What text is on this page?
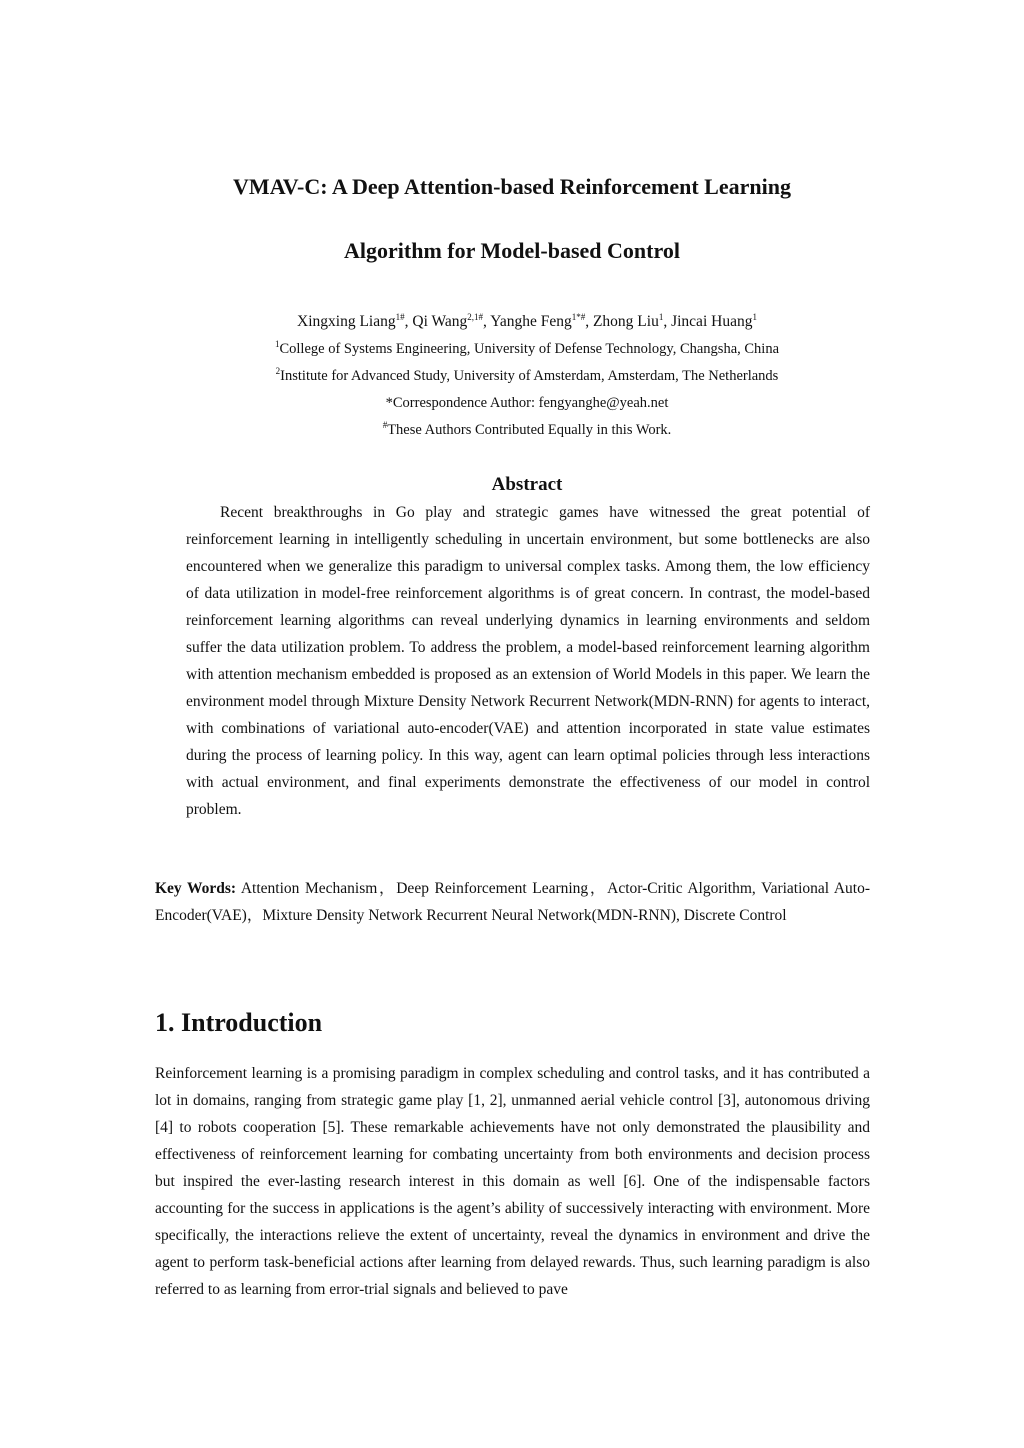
VMAV-C: A Deep Attention-based Reinforcement Learning
Algorithm for Model-based Control
Xingxing Liang$^{1\#}$, Qi Wang$^{2,1\#}$, Yanghe Feng$^{1*\#}$, Zhong Liu$^1$, Jincai Huang$^1$
$^1$College of Systems Engineering, University of Defense Technology, Changsha, China
$^2$Institute for Advanced Study, University of Amsterdam, Amsterdam, The Netherlands
*Correspondence Author: fengyanghe@yeah.net
#These Authors Contributed Equally in this Work.
Abstract

Recent breakthroughs in Go play and strategic games have witnessed the great potential of reinforcement learning in intelligently scheduling in uncertain environment, but some bottlenecks are also encountered when we generalize this paradigm to universal complex tasks. Among them, the low efficiency of data utilization in model-free reinforcement algorithms is of great concern. In contrast, the model-based reinforcement learning algorithms can reveal underlying dynamics in learning environments and seldom suffer the data utilization problem. To address the problem, a model-based reinforcement learning algorithm with attention mechanism embedded is proposed as an extension of World Models in this paper. We learn the environment model through Mixture Density Network Recurrent Network(MDN-RNN) for agents to interact, with combinations of variational auto-encoder(VAE) and attention incorporated in state value estimates during the process of learning policy. In this way, agent can learn optimal policies through less interactions with actual environment, and final experiments demonstrate the effectiveness of our model in control problem.

Key Words: Attention Mechanism，Deep Reinforcement Learning，Actor-Critic Algorithm, Variational Auto-Encoder(VAE)，Mixture Density Network Recurrent Neural Network(MDN-RNN), Discrete Control

1. Introduction

Reinforcement learning is a promising paradigm in complex scheduling and control tasks, and it has contributed a lot in domains, ranging from strategic game play [1, 2], unmanned aerial vehicle control [3], autonomous driving [4] to robots cooperation [5]. These remarkable achievements have not only demonstrated the plausibility and effectiveness of reinforcement learning for combating uncertainty from both environments and decision process but inspired the ever-lasting research interest in this domain as well [6]. One of the indispensable factors accounting for the success in applications is the agent’s ability of successively interacting with environment. More specifically, the interactions relieve the extent of uncertainty, reveal the dynamics in environment and drive the agent to perform task-beneficial actions after learning from delayed rewards. Thus, such learning paradigm is also referred to as learning from error-trial signals and believed to pave
